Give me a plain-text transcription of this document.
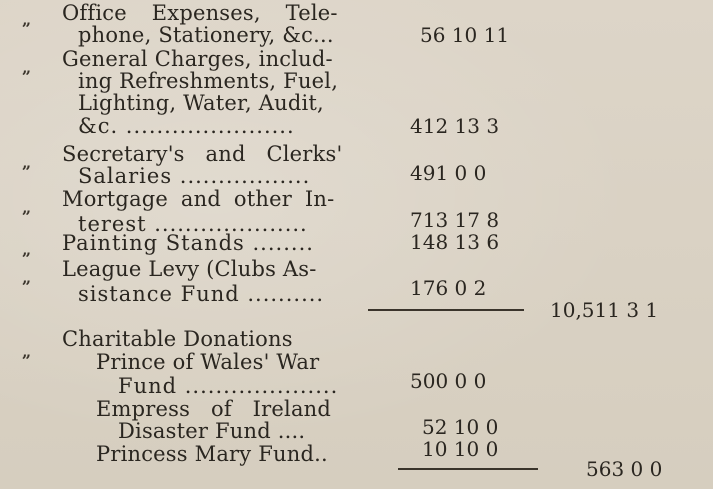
„ Office Expenses, Tele-
phone, Stationery, &c...	56 10 11
„ General Charges, includ-
ing Refreshments, Fuel,
Lighting, Water, Audit,
&c. ......................	412 13 3
„ Secretary's and Clerks'
Salaries .................	491 0 0
„ Mortgage and other In-
terest ....................	713 17 8
„ Painting Stands ........	148 13 6
„ League Levy (Clubs As-
sistance Fund ..........	176 0 2
10,511 3 1
„
Charitable Donations
Prince of Wales' War
Fund ....................	500 0 0
Empress of Ireland
Disaster Fund ....	52 10 0
Princess Mary Fund..	10 10 0
563 0 0
